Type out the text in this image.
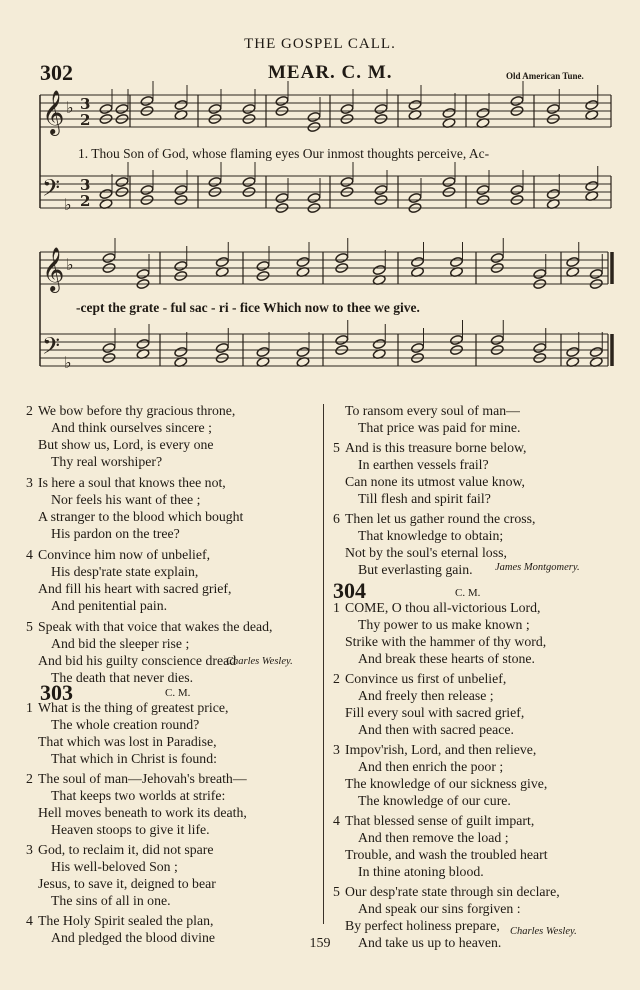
THE GOSPEL CALL.
302	MEAR. C. M.	Old American Tune.
𝄞 ♭ 3
2
𝄢 ♭
3
2
𝄞 ♭
𝄢 ♭
1. Thou Son of God, whose flaming eyes Our inmost thoughts perceive, Ac-
-cept the grate - ful sac - ri - fice Which now to thee we give.
2 We bow before thy gracious throne,
And think ourselves sincere ;
But show us, Lord, is every one
Thy real worshiper?
3 Is here a soul that knows thee not,
Nor feels his want of thee ;
A stranger to the blood which bought
His pardon on the tree?
4 Convince him now of unbelief,
His desp'rate state explain,
And fill his heart with sacred grief,
And penitential pain.
5 Speak with that voice that wakes the dead,
And bid the sleeper rise ;
And bid his guilty conscience dread
The death that never dies.
Charles Wesley.
303	C. M.
1 What is the thing of greatest price,
The whole creation round?
That which was lost in Paradise,
That which in Christ is found:
2 The soul of man—Jehovah's breath—
That keeps two worlds at strife:
Hell moves beneath to work its death,
Heaven stoops to give it life.
3 God, to reclaim it, did not spare
His well-beloved Son ;
Jesus, to save it, deigned to bear
The sins of all in one.
4 The Holy Spirit sealed the plan,
And pledged the blood divine
To ransom every soul of man—
That price was paid for mine.
5 And is this treasure borne below,
In earthen vessels frail?
Can none its utmost value know,
Till flesh and spirit fail?
6 Then let us gather round the cross,
That knowledge to obtain;
Not by the soul's eternal loss,
But everlasting gain.	James Montgomery.
304	C. M.
1 COME, O thou all-victorious Lord,
Thy power to us make known ;
Strike with the hammer of thy word,
And break these hearts of stone.
2 Convince us first of unbelief,
And freely then release ;
Fill every soul with sacred grief,
And then with sacred peace.
3 Impov'rish, Lord, and then relieve,
And then enrich the poor ;
The knowledge of our sickness give,
The knowledge of our cure.
4 That blessed sense of guilt impart,
And then remove the load ;
Trouble, and wash the troubled heart
In thine atoning blood.
5 Our desp'rate state through sin declare,
And speak our sins forgiven :
By perfect holiness prepare,
And take us up to heaven.
Charles Wesley.
159
